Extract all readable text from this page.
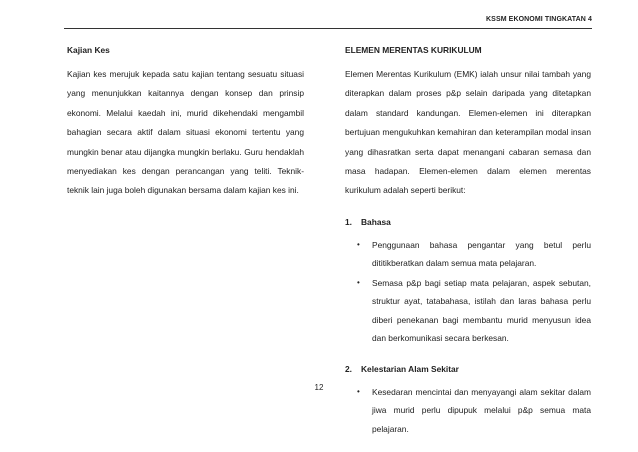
KSSM EKONOMI TINGKATAN 4
Kajian Kes

Kajian kes merujuk kepada satu kajian tentang sesuatu situasi yang menunjukkan kaitannya dengan konsep dan prinsip ekonomi. Melalui kaedah ini, murid dikehendaki mengambil bahagian secara aktif dalam situasi ekonomi tertentu yang mungkin benar atau dijangka mungkin berlaku. Guru hendaklah menyediakan kes dengan perancangan yang teliti. Teknik-teknik lain juga boleh digunakan bersama dalam kajian kes ini.

ELEMEN MERENTAS KURIKULUM

Elemen Merentas Kurikulum (EMK) ialah unsur nilai tambah yang diterapkan dalam proses p&p selain daripada yang ditetapkan dalam standard kandungan. Elemen-elemen ini diterapkan bertujuan mengukuhkan kemahiran dan keterampilan modal insan yang dihasratkan serta dapat menangani cabaran semasa dan masa hadapan. Elemen-elemen dalam elemen merentas kurikulum adalah seperti berikut:

1. Bahasa
• Penggunaan bahasa pengantar yang betul perlu dititikberatkan dalam semua mata pelajaran.
• Semasa p&p bagi setiap mata pelajaran, aspek sebutan, struktur ayat, tatabahasa, istilah dan laras bahasa perlu diberi penekanan bagi membantu murid menyusun idea dan berkomunikasi secara berkesan.
2. Kelestarian Alam Sekitar
• Kesedaran mencintai dan menyayangi alam sekitar dalam jiwa murid perlu dipupuk melalui p&p semua mata pelajaran.
12
